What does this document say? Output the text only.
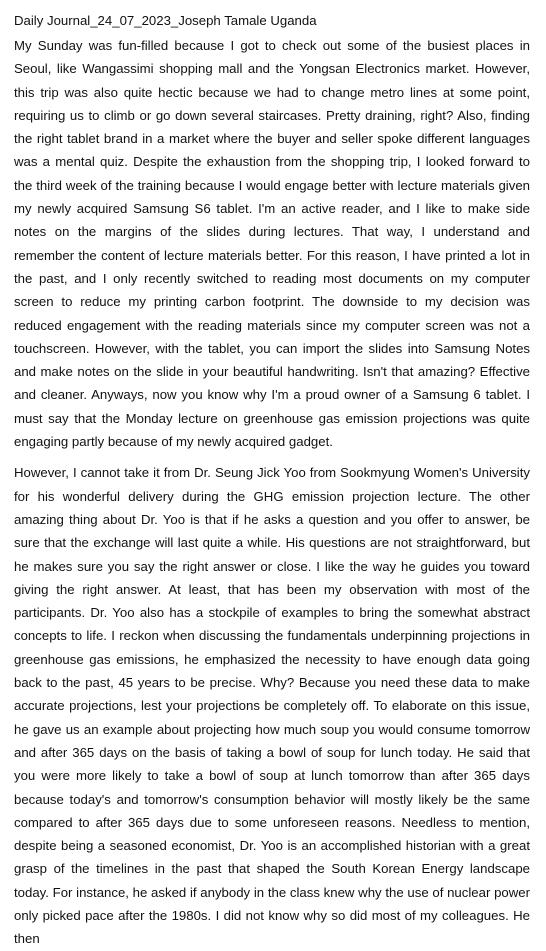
Daily Journal_24_07_2023_Joseph Tamale Uganda

My Sunday was fun-filled because I got to check out some of the busiest places in Seoul, like Wangassimi shopping mall and the Yongsan Electronics market. However, this trip was also quite hectic because we had to change metro lines at some point, requiring us to climb or go down several staircases. Pretty draining, right? Also, finding the right tablet brand in a market where the buyer and seller spoke different languages was a mental quiz. Despite the exhaustion from the shopping trip, I looked forward to the third week of the training because I would engage better with lecture materials given my newly acquired Samsung S6 tablet. I'm an active reader, and I like to make side notes on the margins of the slides during lectures. That way, I understand and remember the content of lecture materials better. For this reason, I have printed a lot in the past, and I only recently switched to reading most documents on my computer screen to reduce my printing carbon footprint. The downside to my decision was reduced engagement with the reading materials since my computer screen was not a touchscreen. However, with the tablet, you can import the slides into Samsung Notes and make notes on the slide in your beautiful handwriting. Isn't that amazing? Effective and cleaner. Anyways, now you know why I'm a proud owner of a Samsung 6 tablet. I must say that the Monday lecture on greenhouse gas emission projections was quite engaging partly because of my newly acquired gadget.

However, I cannot take it from Dr. Seung Jick Yoo from Sookmyung Women's University for his wonderful delivery during the GHG emission projection lecture. The other amazing thing about Dr. Yoo is that if he asks a question and you offer to answer, be sure that the exchange will last quite a while. His questions are not straightforward, but he makes sure you say the right answer or close. I like the way he guides you toward giving the right answer. At least, that has been my observation with most of the participants. Dr. Yoo also has a stockpile of examples to bring the somewhat abstract concepts to life. I reckon when discussing the fundamentals underpinning projections in greenhouse gas emissions, he emphasized the necessity to have enough data going back to the past, 45 years to be precise. Why? Because you need these data to make accurate projections, lest your projections be completely off. To elaborate on this issue, he gave us an example about projecting how much soup you would consume tomorrow and after 365 days on the basis of taking a bowl of soup for lunch today. He said that you were more likely to take a bowl of soup at lunch tomorrow than after 365 days because today's and tomorrow's consumption behavior will mostly likely be the same compared to after 365 days due to some unforeseen reasons. Needless to mention, despite being a seasoned economist, Dr. Yoo is an accomplished historian with a great grasp of the timelines in the past that shaped the South Korean Energy landscape today. For instance, he asked if anybody in the class knew why the use of nuclear power only picked pace after the 1980s. I did not know why so did most of my colleagues. He then
